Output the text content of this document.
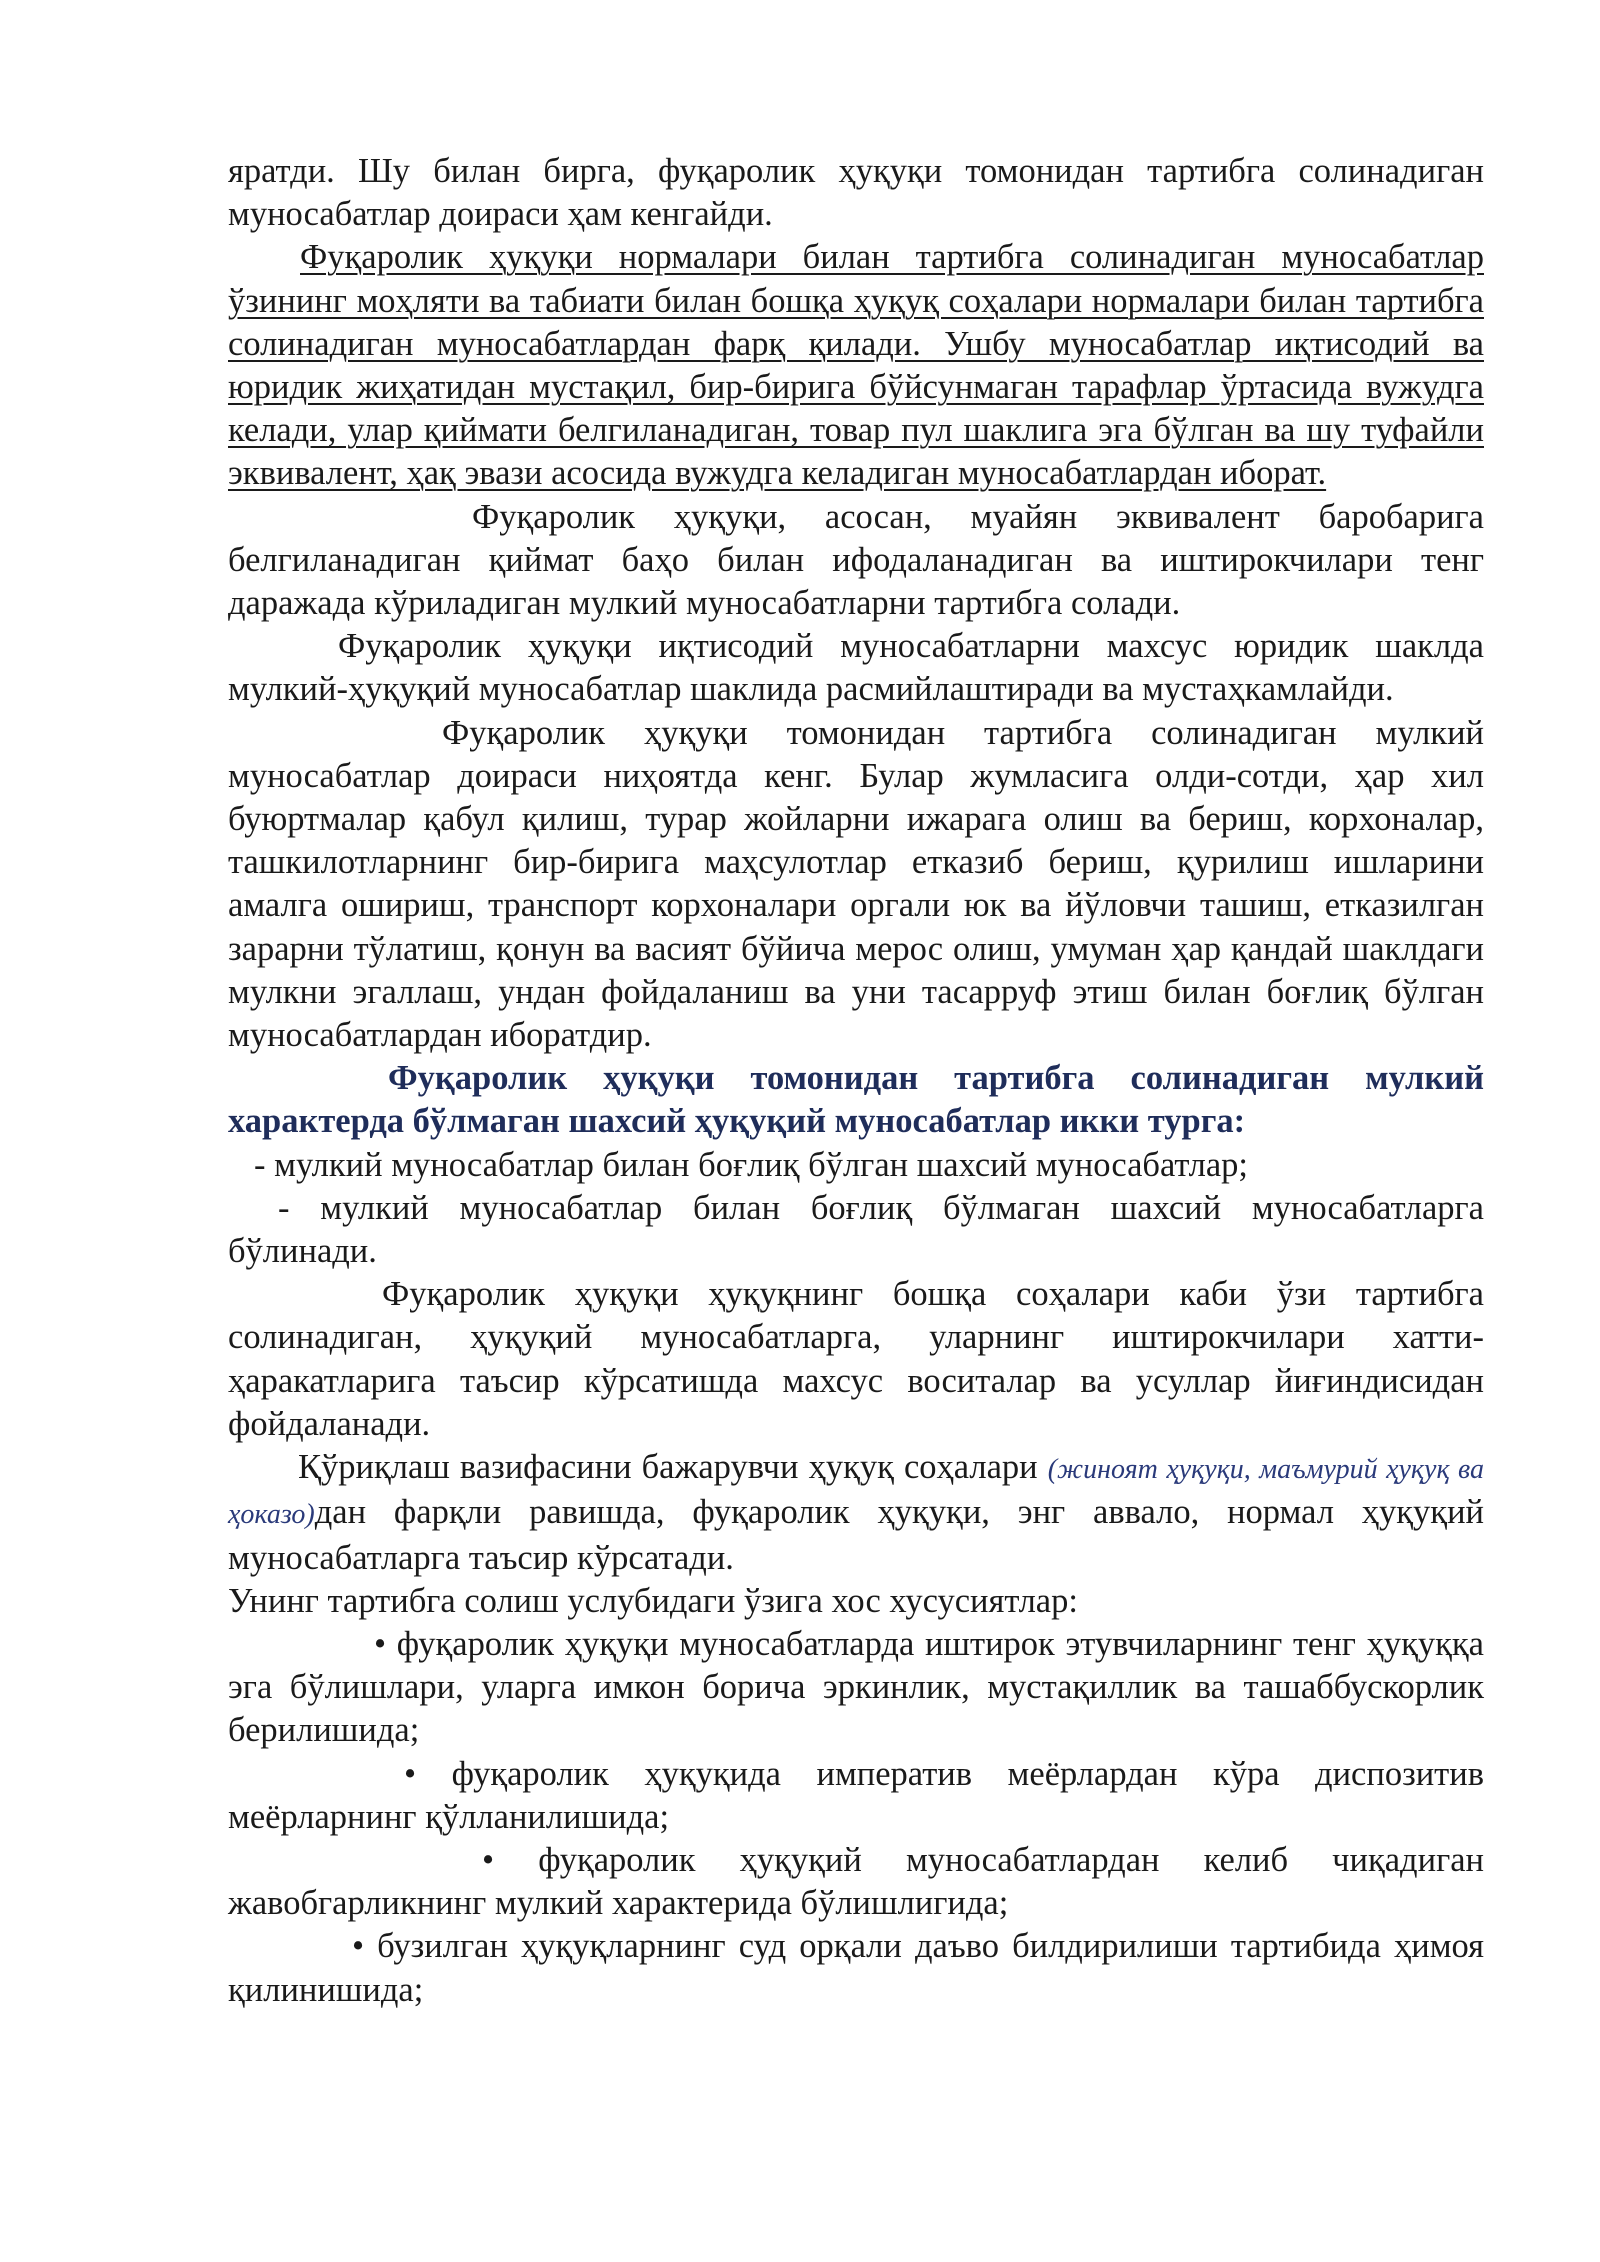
яратди. Шу билан бирга, фуқаролик ҳуқуқи томонидан тартибга солинадиган муносабатлар доираси ҳам кенгайди.

Фуқаролик ҳуқуқи нормалари билан тартибга солинадиган муносабатлар ўзининг моҳляти ва табиати билан бошқа ҳуқуқ соҳалари нормалари билан тартибга солинадиган муносабатлардан фарқ қилади. Ушбу муносабатлар иқтисодий ва юридик жиҳатидан мустақил, бир-бирига бўйсунмаган тарафлар ўртасида вужудга келади, улар қиймати белгиланадиган, товар пул шаклига эга бўлган ва шу туфайли эквивалент, ҳақ эвази асосида вужудга келадиган муносабатлардан иборат.

Фуқаролик ҳуқуқи, асосан, муайян эквивалент баробарига белгиланадиган қиймат баҳо билан ифодаланадиган ва иштирокчилари тенг даражада кўриладиган мулкий муносабатларни тартибга солади.

Фуқаролик ҳуқуқи иқтисодий муносабатларни махсус юридик шаклда мулкий-ҳуқуқий муносабатлар шаклида расмийлаштиради ва мустаҳкамлайди.

Фуқаролик ҳуқуқи томонидан тартибга солинадиган мулкий муносабатлар доираси ниҳоятда кенг. Булар жумласига олди-сотди, ҳар хил буюртмалар қабул қилиш, турар жойларни ижарага олиш ва бериш, корхоналар, ташкилотларнинг бир-бирига маҳсулотлар етказиб бериш, қурилиш ишларини амалга ошириш, транспорт корхоналари оргали юк ва йўловчи ташиш, етказилган зарарни тўлатиш, қонун ва васият бўйича мерос олиш, умуман ҳар қандай шаклдаги мулкни эгаллаш, ундан фойдаланиш ва уни тасарруф этиш билан боғлиқ бўлган муносабатлардан иборатдир.

Фуқаролик ҳуқуқи томонидан тартибга солинадиган мулкий характерда бўлмаган шахсий ҳуқуқий муносабатлар икки турга:

- мулкий муносабатлар билан боғлиқ бўлган шахсий муносабатлар;

- мулкий муносабатлар билан боғлиқ бўлмаган шахсий муносабатларга бўлинади.

Фуқаролик ҳуқуқи ҳуқуқнинг бошқа соҳалари каби ўзи тартибга солинадиган, ҳуқуқий муносабатларга, уларнинг иштирокчилари хатти-ҳаракатларига таъсир кўрсатишда махсус воситалар ва усуллар йиғиндисидан фойдаланади.

Қўриқлаш вазифасини бажарувчи ҳуқуқ соҳалари (жиноят ҳуқуқи, маъмурий ҳуқуқ ва ҳоказо)дан фарқли равишда, фуқаролик ҳуқуқи, энг аввало, нормал ҳуқуқий муносабатларга таъсир кўрсатади.

Унинг тартибга солиш услубидаги ўзига хос хусусиятлар:

• фуқаролик ҳуқуқи муносабатларда иштирок этувчиларнинг тенг ҳуқуққа эга бўлишлари, уларга имкон борича эркинлик, мустақиллик ва ташаббускорлик берилишида;

• фуқаролик ҳуқуқида императив меёрлардан кўра диспозитив меёрларнинг қўлланилишида;

• фуқаролик ҳуқуқий муносабатлардан келиб чиқадиган жавобгарликнинг мулкий характерида бўлишлигида;

• бузилган ҳуқуқларнинг суд орқали даъво билдирилиши тартибида ҳимоя қилинишида;
